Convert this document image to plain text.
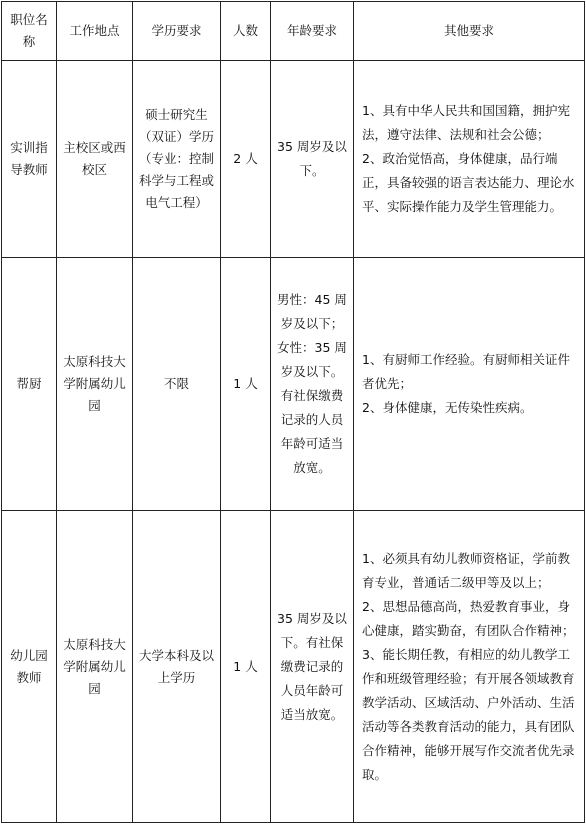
职位名称	工作地点	学历要求	人数	年龄要求	其他要求
实训指导教师	主校区或西校区	硕士研究生（双证）学历（专业：控制科学与工程或电气工程）	2 人	35 周岁及以下。	1、具有中华人民共和国国籍，拥护宪法，遵守法律、法规和社会公德；
2、政治觉悟高，身体健康，品行端正，具备较强的语言表达能力、理论水平、实际操作能力及学生管理能力。

帮厨	太原科技大学附属幼儿园	不限	1 人	男性：45 周岁及以下；女性：35 周岁及以下。有社保缴费记录的人员年龄可适当放宽。	1、有厨师工作经验。有厨师相关证件者优先；
2、身体健康，无传染性疾病。

幼儿园教师	太原科技大学附属幼儿园	大学本科及以上学历	1 人	35 周岁及以下。有社保缴费记录的人员年龄可适当放宽。	1、必须具有幼儿教师资格证，学前教育专业，普通话二级甲等及以上；
2、思想品德高尚，热爱教育事业，身心健康，踏实勤奋，有团队合作精神；
3、能长期任教，有相应的幼儿教学工作和班级管理经验；有开展各领域教育教学活动、区域活动、户外活动、生活活动等各类教育活动的能力，具有团队合作精神，能够开展写作交流者优先录取。
